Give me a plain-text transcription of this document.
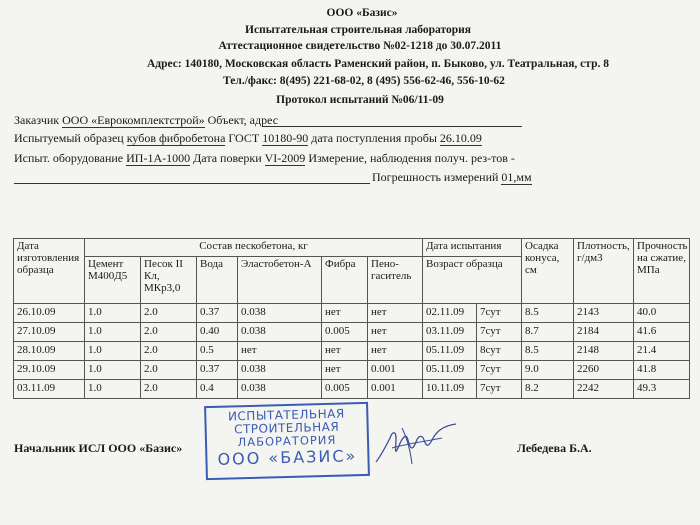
ООО «Базис»
Испытательная строительная лаборатория
Аттестационное свидетельство №02-1218 до 30.07.2011
Адрес: 140180, Московская область Раменский район, п. Быково, ул. Театральная, стр. 8
Тел./факс: 8(495) 221-68-02, 8 (495) 556-62-46, 556-10-62
Протокол испытаний №06/11-09
Заказчик ООО «Еврокомплектстрой» Объект, адрес
Испытуемый образец кубов фибробетона ГОСТ 10180-90 дата поступления пробы 26.10.09
Испыт. оборудование ИП-1А-1000 Дата поверки VI-2009 Измерение, наблюдения получ. рез-тов -
Погрешность измерений 01,мм
Дата изготовления образца	Состав пескобетона, кг						Дата испытания		Осадка конуса, см	Плотность, г/дм3	Прочность на сжатие, МПа
	Цемент М400Д5	Песок II Кл, МКр3,0	Вода	Эластобетон-А	Фибра	Пено-гаситель	Возраст образца				
26.10.09	1.0	2.0	0.37	0.038	нет	нет	02.11.09	7сут	8.5	2143	40.0
27.10.09	1.0	2.0	0.40	0.038	0.005	нет	03.11.09	7сут	8.7	2184	41.6
28.10.09	1.0	2.0	0.5	нет	нет	нет	05.11.09	8сут	8.5	2148	21.4
29.10.09	1.0	2.0	0.37	0.038	нет	0.001	05.11.09	7сут	9.0	2260	41.8
03.11.09	1.0	2.0	0.4	0.038	0.005	0.001	10.11.09	7сут	8.2	2242	49.3
Начальник ИСЛ ООО «Базис»
ИСПЫТАТЕЛЬНАЯ
СТРОИТЕЛЬНАЯ
ЛАБОРАТОРИЯ
ООО «БАЗИС»	Лебедева Б.А.
